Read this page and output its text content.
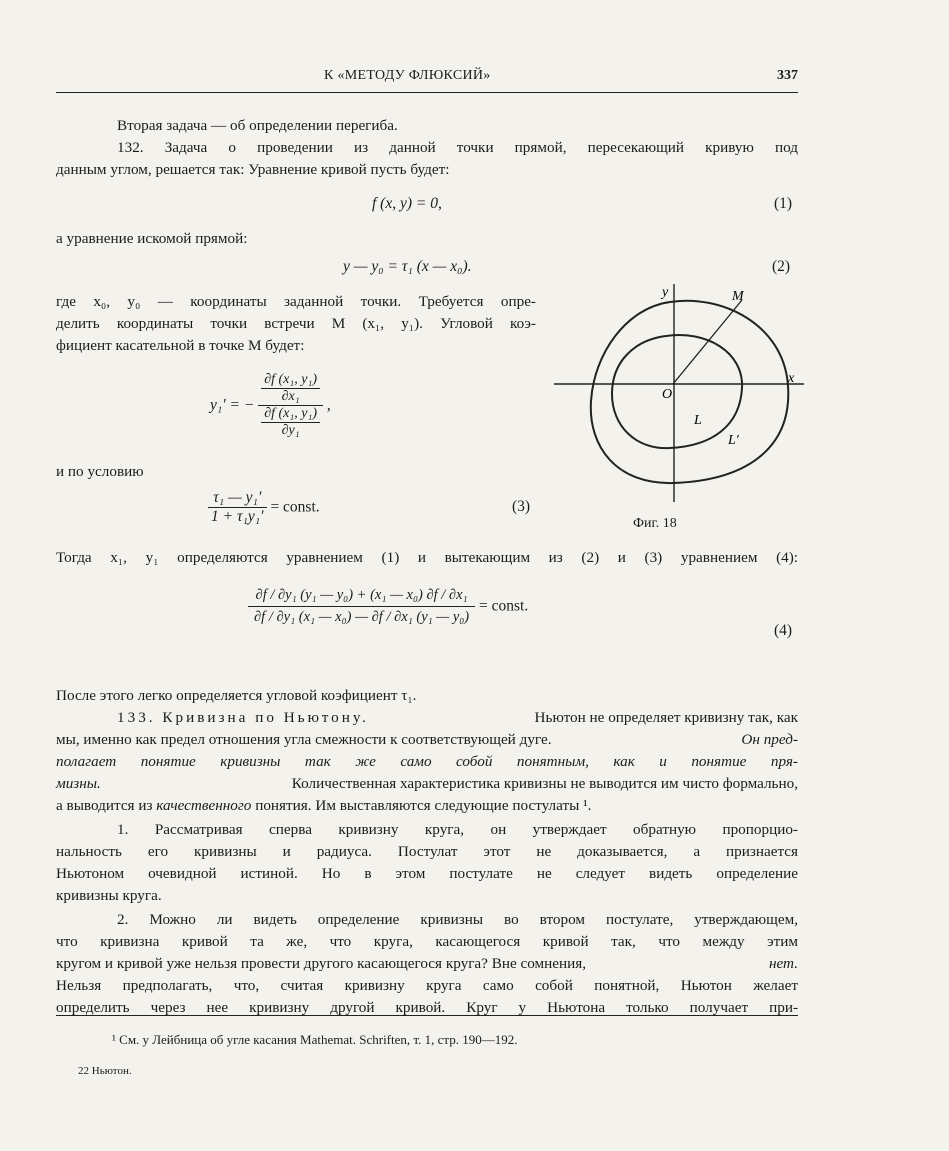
К «МЕТОДУ ФЛЮКСИЙ»	337
Вторая задача — об определении перегиба.
132. Задача о проведении из данной точки прямой, пересекающий кривую под
данным углом, решается так: Уравнение кривой пусть будет:
f (x, y) = 0,	(1)
а уравнение искомой прямой:
y — y₀ = τ₁ (x — x₀).	(2)
где x₀, y₀ — координаты заданной точки. Требуется опре-
делить координаты точки встречи M (x₁, y₁). Угловой коэ-
фициент касательной в точке M будет:
y₁′ = − $\frac{\frac{\text{∂f (x₁, y₁)}}{\text{∂x₁}}}{\frac{\text{∂f (x₁, y₁)}}{\text{∂y₁}}}$ ,
и по условию
$\frac{\text{τ₁ — y₁′}}{\text{1 + τ₁y₁′}}$ = const.	(3)
y	M
x
O
L
L′
Фиг. 18
Тогда x₁, y₁ определяются уравнением (1) и вытекающим из (2) и (3) уравнением (4):
$\frac{\text{∂f / ∂y₁ (y₁ — y₀) + (x₁ — x₀) ∂f / ∂x₁}}{\text{∂f / ∂y₁ (x₁ — x₀) — ∂f / ∂x₁ (y₁ — y₀)}}$ = const.
(4)
После этого легко определяется угловой коэфициент τ₁.
133. Кривизна по Ньютону.	Ньютон не определяет кривизну так, как
мы, именно как предел отношения угла смежности к соответствующей дуге.	Он пред-
полагает понятие кривизны так же само собой понятным, как и понятие пря-
мизны.	Количественная характеристика кривизны не выводится им чисто формально,
а выводится из качественного понятия. Им выставляются следующие постулаты ¹.
1. Рассматривая сперва кривизну круга, он утверждает обратную пропорцио-
нальность его кривизны и радиуса. Постулат этот не доказывается, а признается
Ньютоном очевидной истиной. Но в этом постулате не следует видеть определение
кривизны круга.
2. Можно ли видеть определение кривизны во втором постулате, утверждающем,
что кривизна кривой та же, что круга, касающегося кривой так, что между этим
кругом и кривой уже нельзя провести другого касающегося круга? Вне сомнения,	нет.
Нельзя предполагать, что, считая кривизну круга само собой понятной, Ньютон желает
определить через нее кривизну другой кривой. Круг у Ньютона только получает при-
¹ См. у Лейбница об угле касания Mathemat. Schriften, т. 1, стр. 190—192.
22 Ньютон.
